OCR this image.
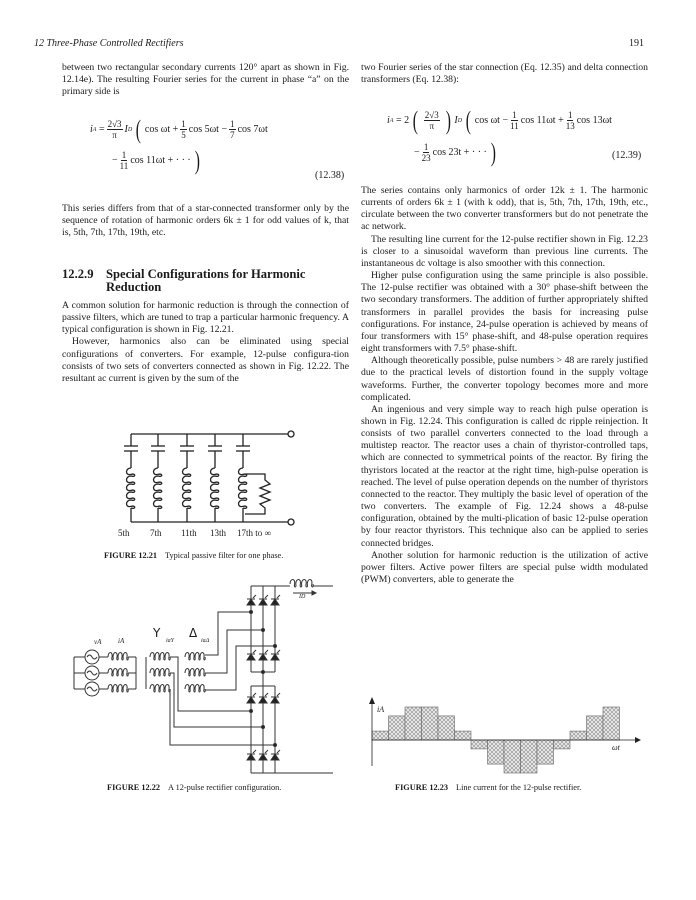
12 Three-Phase Controlled Rectifiers	191

between two rectangular secondary currents 120° apart as shown in Fig. 12.14e). The resulting Fourier series for the current in phase “a” on the primary side is

i $A = \frac{2√3}{\pi}$ I D ( $\cos \omega t + \frac{1}{5}$ $\cos 5\omega t - \frac{1}{7}$ cos 7ωt
− $\frac{1}{11}$ cos 11ωt + · · · )
(12.38)

This series differs from that of a star-connected transformer only by the sequence of rotation of harmonic orders 6k ± 1 for odd values of k, that is, 5th, 7th, 17th, 19th, etc.

12.2.9 Special Configurations for Harmonic
Reduction

A common solution for harmonic reduction is through the connection of passive filters, which are tuned to trap a particular harmonic frequency. A typical configuration is shown in Fig. 12.21.

However, harmonics also can be eliminated using special configurations of converters. For example, 12-pulse configura-tion consists of two sets of converters connected as shown in Fig. 12.22. The resultant ac current is given by the sum of the

5th 7th 11th 13th 17th to ∞
FIGURE 12.21 Typical passive filter for one phase.
Y Δ
vA iA	iaY	iaΔ
ID
FIGURE 12.22 A 12-pulse rectifier configuration.

two Fourier series of the star connection (Eq. 12.35) and delta connection transformers (Eq. 12.38):

i A
= 2 ( $\frac{2√3}{\pi}$ ) I D ( $\cos \omega t - \frac{1}{11}$ $\cos 11\omega t + \frac{1}{13}$ cos 13ωt
− $\frac{1}{23}$ cos 23t + · · · )	(12.39)

The series contains only harmonics of order 12k ± 1. The harmonic currents of orders 6k ± 1 (with k odd), that is, 5th, 7th, 17th, 19th, etc., circulate between the two converter transformers but do not penetrate the ac network.

The resulting line current for the 12-pulse rectifier shown in Fig. 12.23 is closer to a sinusoidal waveform than previous line currents. The instantaneous dc voltage is also smoother with this connection.

Higher pulse configuration using the same principle is also possible. The 12-pulse rectifier was obtained with a 30° phase-shift between the two secondary transformers. The addition of further appropriately shifted transformers in parallel provides the basis for increasing pulse configurations. For instance, 24-pulse operation is achieved by means of four transformers with 15° phase-shift, and 48-pulse operation requires eight transformers with 7.5° phase-shift.

Although theoretically possible, pulse numbers > 48 are rarely justified due to the practical levels of distortion found in the supply voltage waveforms. Further, the converter topology becomes more and more complicated.

An ingenious and very simple way to reach high pulse operation is shown in Fig. 12.24. This configuration is called dc ripple reinjection. It consists of two parallel converters connected to the load through a multistep reactor. The reactor uses a chain of thyristor-controlled taps, which are connected to symmetrical points of the reactor. By firing the thyristors located at the reactor at the right time, high-pulse operation is reached. The level of pulse operation depends on the number of thyristors connected to the reactor. They multiply the basic level of operation of the two converters. The example of Fig. 12.24 shows a 48-pulse configuration, obtained by the multi-plication of basic 12-pulse operation by four reactor thyristors. This technique also can be applied to series connected bridges.

Another solution for harmonic reduction is the utilization of active power filters. Active power filters are special pulse width modulated (PWM) converters, able to generate the

iA
ωt
FIGURE 12.23 Line current for the 12-pulse rectifier.
